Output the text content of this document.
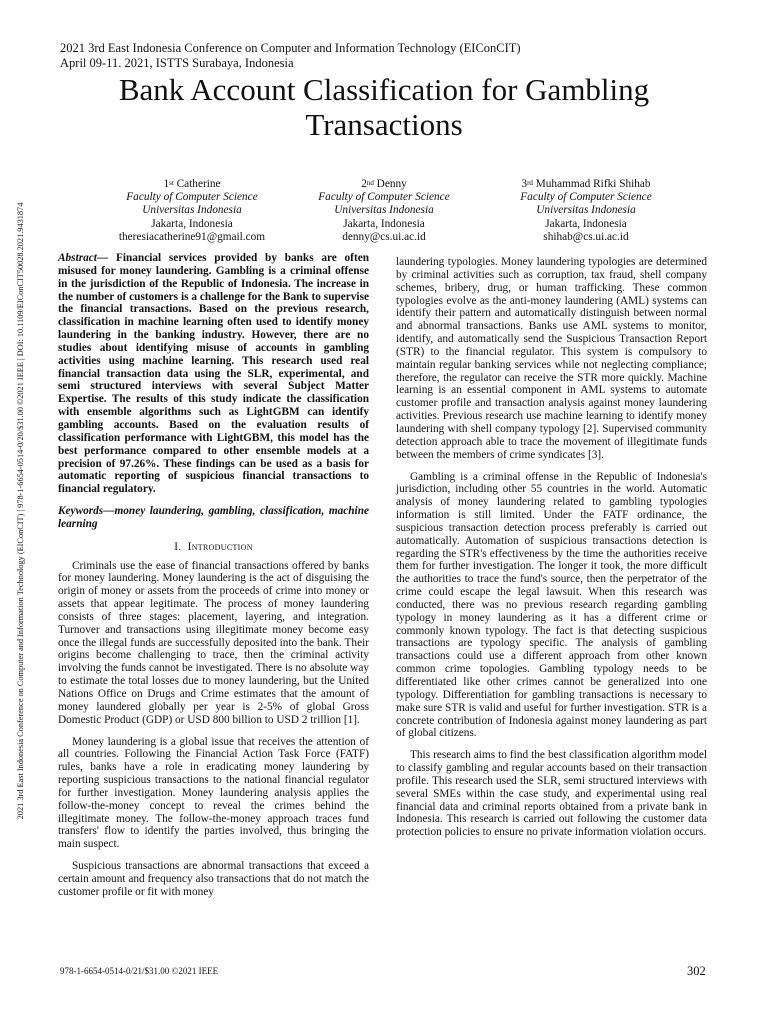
2021 3rd East Indonesia Conference on Computer and Information Technology (EIConCIT)
April 09-11. 2021, ISTTS Surabaya, Indonesia
Bank Account Classification for Gambling
Transactions
1st Catherine
Faculty of Computer Science
Universitas Indonesia
Jakarta, Indonesia
theresiacatherine91@gmail.com
2nd Denny
Faculty of Computer Science
Universitas Indonesia
Jakarta, Indonesia
denny@cs.ui.ac.id
3rd Muhammad Rifki Shihab
Faculty of Computer Science
Universitas Indonesia
Jakarta, Indonesia
shihab@cs.ui.ac.id

Abstract— Financial services provided by banks are often misused for money laundering. Gambling is a criminal offense in the jurisdiction of the Republic of Indonesia. The increase in the number of customers is a challenge for the Bank to supervise the financial transactions. Based on the previous research, classification in machine learning often used to identify money laundering in the banking industry. However, there are no studies about identifying misuse of accounts in gambling activities using machine learning. This research used real financial transaction data using the SLR, experimental, and semi structured interviews with several Subject Matter Expertise. The results of this study indicate the classification with ensemble algorithms such as LightGBM can identify gambling accounts. Based on the evaluation results of classification performance with LightGBM, this model has the best performance compared to other ensemble models at a precision of 97.26%. These findings can be used as a basis for automatic reporting of suspicious financial transactions to financial regulatory.

Keywords—money laundering, gambling, classification, machine learning

I. Introduction

Criminals use the ease of financial transactions offered by banks for money laundering. Money laundering is the act of disguising the origin of money or assets from the proceeds of crime into money or assets that appear legitimate. The process of money laundering consists of three stages: placement, layering, and integration. Turnover and transactions using illegitimate money become easy once the illegal funds are successfully deposited into the bank. Their origins become challenging to trace, then the criminal activity involving the funds cannot be investigated. There is no absolute way to estimate the total losses due to money laundering, but the United Nations Office on Drugs and Crime estimates that the amount of money laundered globally per year is 2-5% of global Gross Domestic Product (GDP) or USD 800 billion to USD 2 trillion [1].

Money laundering is a global issue that receives the attention of all countries. Following the Financial Action Task Force (FATF) rules, banks have a role in eradicating money laundering by reporting suspicious transactions to the national financial regulator for further investigation. Money laundering analysis applies the follow-the-money concept to reveal the crimes behind the illegitimate money. The follow-the-money approach traces fund transfers' flow to identify the parties involved, thus bringing the main suspect.

Suspicious transactions are abnormal transactions that exceed a certain amount and frequency also transactions that do not match the customer profile or fit with money

laundering typologies. Money laundering typologies are determined by criminal activities such as corruption, tax fraud, shell company schemes, bribery, drug, or human trafficking. These common typologies evolve as the anti-money laundering (AML) systems can identify their pattern and automatically distinguish between normal and abnormal transactions. Banks use AML systems to monitor, identify, and automatically send the Suspicious Transaction Report (STR) to the financial regulator. This system is compulsory to maintain regular banking services while not neglecting compliance; therefore, the regulator can receive the STR more quickly. Machine learning is an essential component in AML systems to automate customer profile and transaction analysis against money laundering activities. Previous research use machine learning to identify money laundering with shell company typology [2]. Supervised community detection approach able to trace the movement of illegitimate funds between the members of crime syndicates [3].

Gambling is a criminal offense in the Republic of Indonesia's jurisdiction, including other 55 countries in the world. Automatic analysis of money laundering related to gambling typologies information is still limited. Under the FATF ordinance, the suspicious transaction detection process preferably is carried out automatically. Automation of suspicious transactions detection is regarding the STR's effectiveness by the time the authorities receive them for further investigation. The longer it took, the more difficult the authorities to trace the fund's source, then the perpetrator of the crime could escape the legal lawsuit. When this research was conducted, there was no previous research regarding gambling typology in money laundering as it has a different crime or commonly known typology. The fact is that detecting suspicious transactions are typology specific. The analysis of gambling transactions could use a different approach from other known common crime topologies. Gambling typology needs to be differentiated like other crimes cannot be generalized into one typology. Differentiation for gambling transactions is necessary to make sure STR is valid and useful for further investigation. STR is a concrete contribution of Indonesia against money laundering as part of global citizens.

This research aims to find the best classification algorithm model to classify gambling and regular accounts based on their transaction profile. This research used the SLR, semi structured interviews with several SMEs within the case study, and experimental using real financial data and criminal reports obtained from a private bank in Indonesia. This research is carried out following the customer data protection policies to ensure no private information violation occurs.

2021 3rd East Indonesia Conference on Computer and Information Technology (EIConCIT) | 978-1-6654-0514-0/20/$31.00 ©2021 IEEE | DOI: 10.1109/EIConCIT50028.2021.9431874
978-1-6654-0514-0/21/$31.00 ©2021 IEEE	302
